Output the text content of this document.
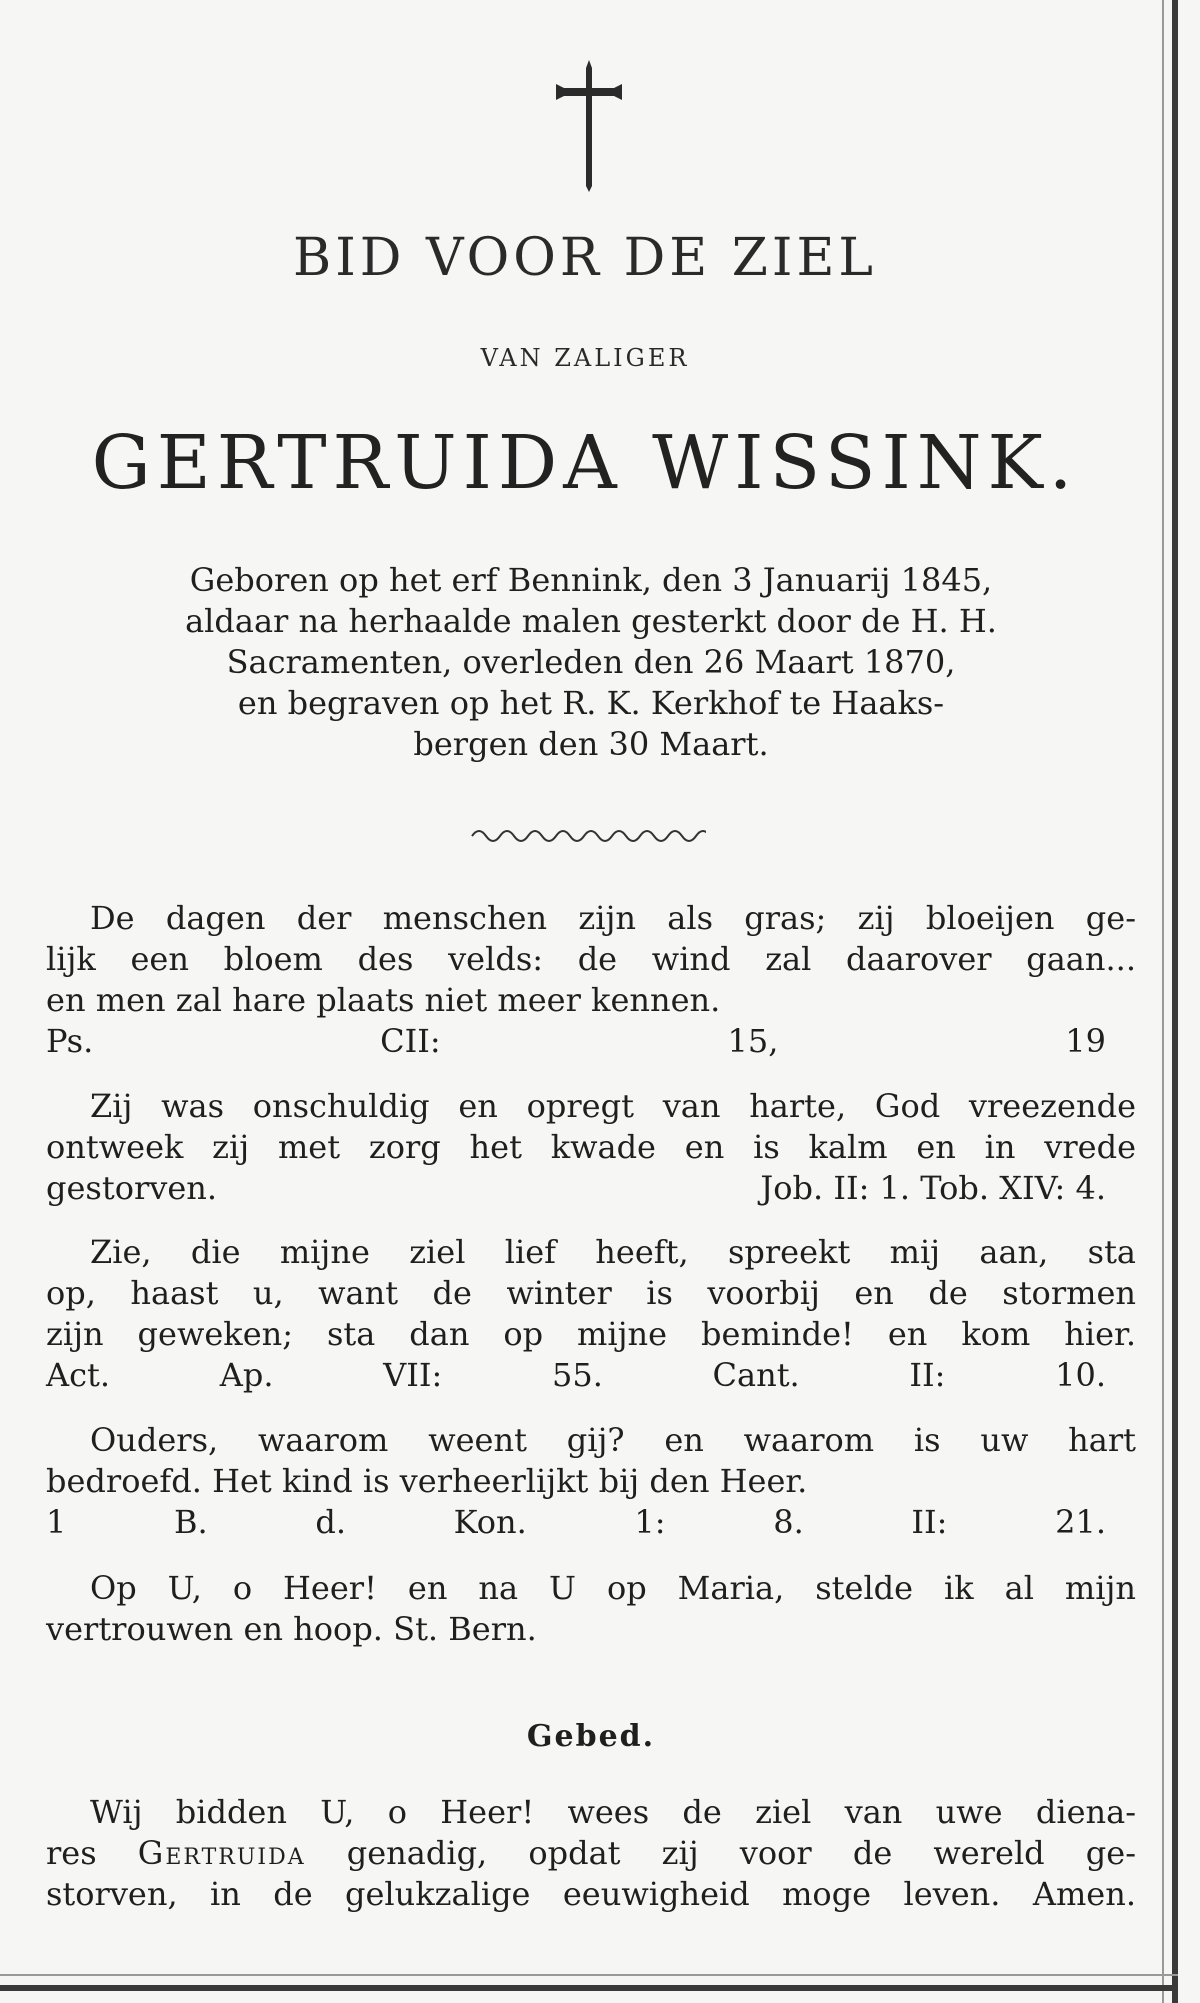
BID VOOR DE ZIEL
VAN ZALIGER
GERTRUIDA WISSINK.
Geboren op het erf Bennink, den 3 Januarij 1845,
aldaar na herhaalde malen gesterkt door de H. H.
Sacramenten, overleden den 26 Maart 1870,
en begraven op het R. K. Kerkhof te Haaks-
bergen den 30 Maart.
De dagen der menschen zijn als gras; zij bloeijen ge-
lijk een bloem des velds: de wind zal daarover gaan...
en men zal hare plaats niet meer kennen.
Ps. CII: 15, 19
Zij was onschuldig en opregt van harte, God vreezende
ontweek zij met zorg het kwade en is kalm en in vrede
gestorven.	Job. II: 1. Tob. XIV: 4.
Zie, die mijne ziel lief heeft, spreekt mij aan, sta
op, haast u, want de winter is voorbij en de stormen
zijn geweken; sta dan op mijne beminde! en kom hier.
Act. Ap. VII: 55. Cant. II: 10.
Ouders, waarom weent gij? en waarom is uw hart
bedroefd. Het kind is verheerlijkt bij den Heer.
1 B. d. Kon. 1: 8. II: 21.
Op U, o Heer! en na U op Maria, stelde ik al mijn
vertrouwen en hoop. St. Bern.
Gebed.
Wij bidden U, o Heer! wees de ziel van uwe diena-
res Gertruida genadig, opdat zij voor de wereld ge-
storven, in de gelukzalige eeuwigheid moge leven. Amen.
